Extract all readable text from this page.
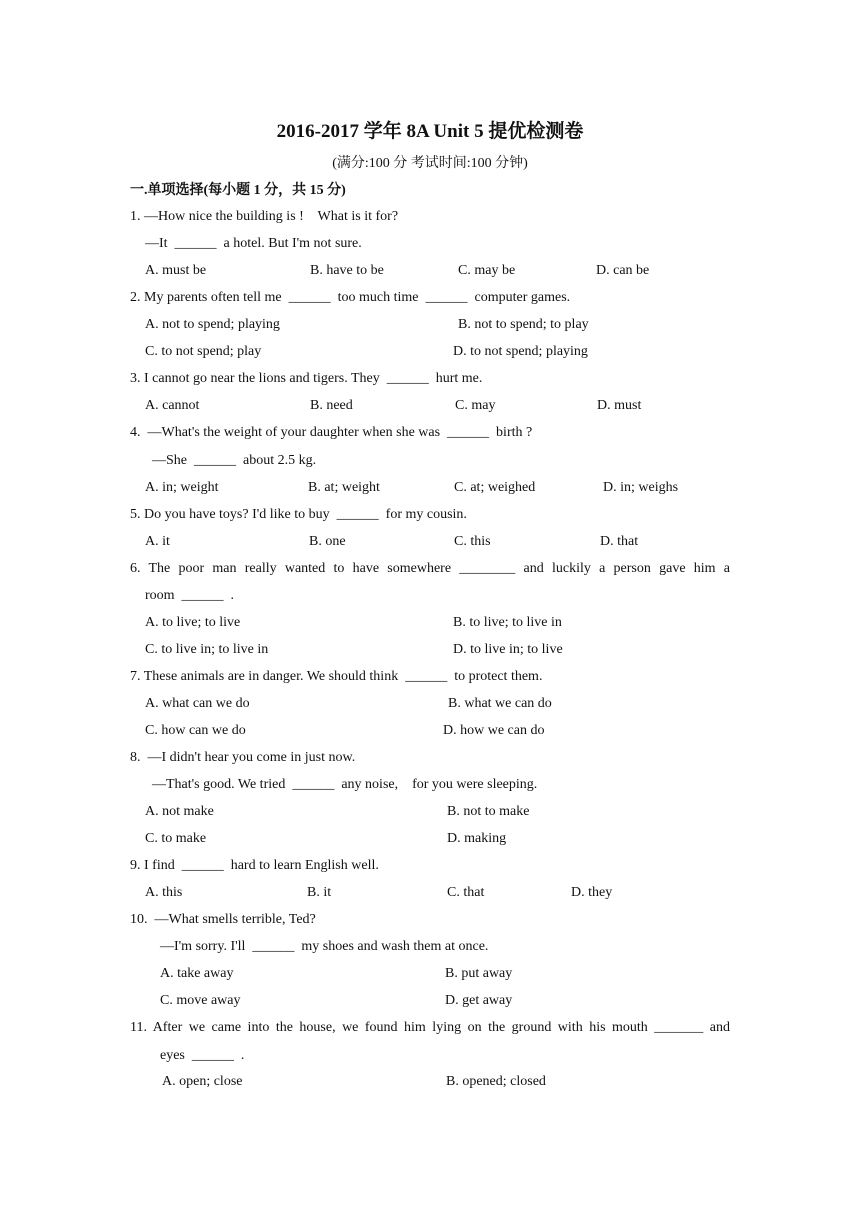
2016-2017 学年 8A Unit 5 提优检测卷
(满分:100 分 考试时间:100 分钟)
一.单项选择(每小题 1 分，共 15 分)
1. —How nice the building is !    What is it for?
—It  ______  a hotel. But I'm not sure.
A. must be	B. have to be	C. may be	D. can be
2. My parents often tell me  ______  too much time  ______  computer games.
A. not to spend; playing	B. not to spend; to play
C. to not spend; play	D. to not spend; playing
3. I cannot go near the lions and tigers. They  ______  hurt me.
A. cannot	B. need	C. may	D. must
4.  —What's the weight of your daughter when she was  ______  birth ?
—She  ______  about 2.5 kg.
A. in; weight	B. at; weight	C. at; weighed	D. in; weighs
5. Do you have toys? I'd like to buy  ______  for my cousin.
A. it	B. one	C. this	D. that
6. The poor man really wanted to have somewhere ________ and luckily a person gave him a
room  ______  .
A. to live; to live	B. to live; to live in
C. to live in; to live in	D. to live in; to live
7. These animals are in danger. We should think  ______  to protect them.
A. what can we do	B. what we can do
C. how can we do	D. how we can do
8.  —I didn't hear you come in just now.
—That's good. We tried  ______  any noise,    for you were sleeping.
A. not make	B. not to make
C. to make	D. making
9. I find  ______  hard to learn English well.
A. this	B. it	C. that	D. they
10.  —What smells terrible, Ted?
—I'm sorry. I'll  ______  my shoes and wash them at once.
A. take away	B. put away
C. move away	D. get away
11. After we came into the house, we found him lying on the ground with his mouth _______ and
eyes  ______  .
A. open; close	B. opened; closed
